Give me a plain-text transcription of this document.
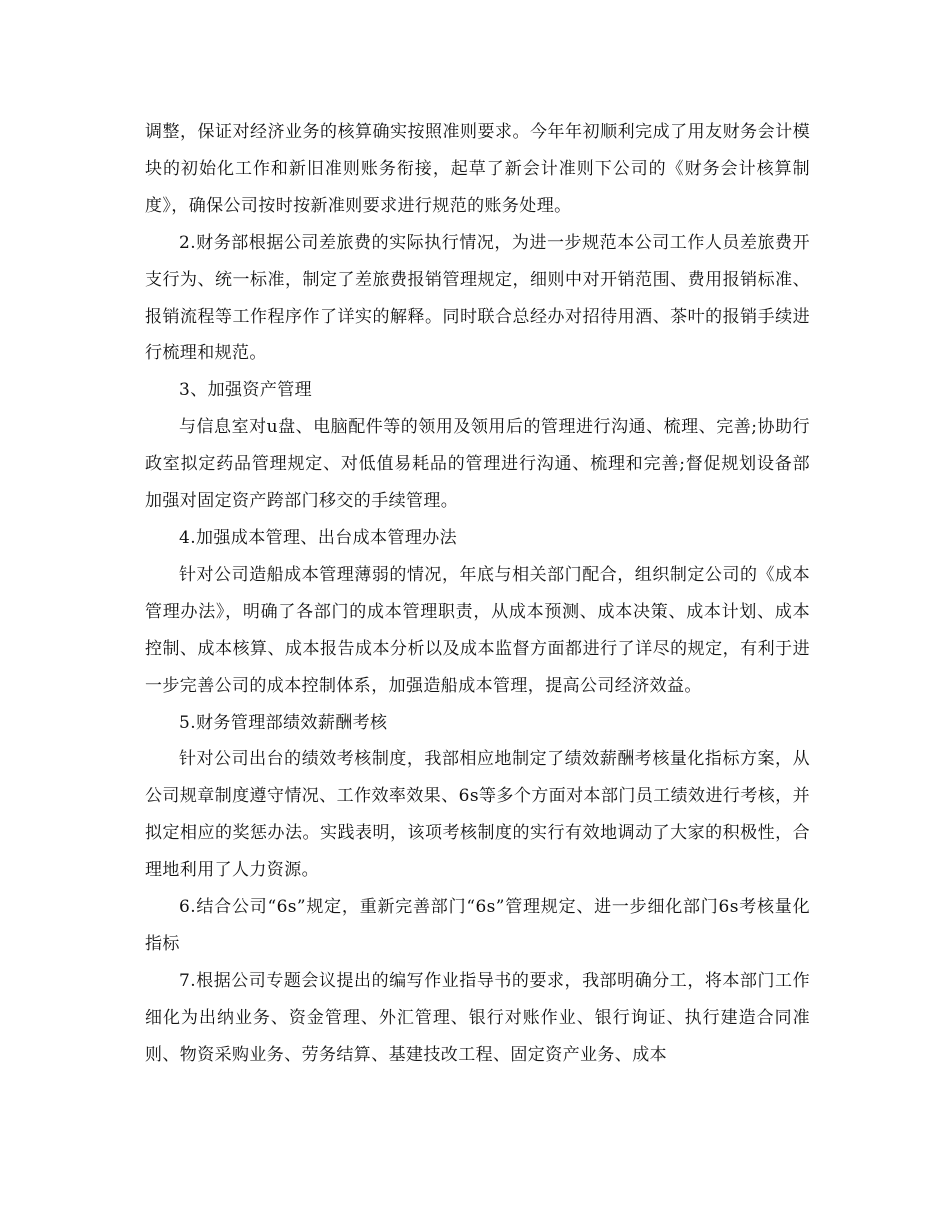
调整，保证对经济业务的核算确实按照准则要求。今年年初顺利完成了用友财务会计模块的初始化工作和新旧准则账务衔接，起草了新会计准则下公司的《财务会计核算制度》，确保公司按时按新准则要求进行规范的账务处理。

2.财务部根据公司差旅费的实际执行情况，为进一步规范本公司工作人员差旅费开支行为、统一标准，制定了差旅费报销管理规定，细则中对开销范围、费用报销标准、报销流程等工作程序作了详实的解释。同时联合总经办对招待用酒、茶叶的报销手续进行梳理和规范。

3、加强资产管理

与信息室对u盘、电脑配件等的领用及领用后的管理进行沟通、梳理、完善;协助行政室拟定药品管理规定、对低值易耗品的管理进行沟通、梳理和完善;督促规划设备部加强对固定资产跨部门移交的手续管理。

4.加强成本管理、出台成本管理办法

针对公司造船成本管理薄弱的情况，年底与相关部门配合，组织制定公司的《成本管理办法》，明确了各部门的成本管理职责，从成本预测、成本决策、成本计划、成本控制、成本核算、成本报告成本分析以及成本监督方面都进行了详尽的规定，有利于进一步完善公司的成本控制体系，加强造船成本管理，提高公司经济效益。

5.财务管理部绩效薪酬考核

针对公司出台的绩效考核制度，我部相应地制定了绩效薪酬考核量化指标方案，从公司规章制度遵守情况、工作效率效果、6s等多个方面对本部门员工绩效进行考核，并拟定相应的奖惩办法。实践表明，该项考核制度的实行有效地调动了大家的积极性，合理地利用了人力资源。

6.结合公司“6s”规定，重新完善部门“6s”管理规定、进一步细化部门6s考核量化指标

7.根据公司专题会议提出的编写作业指导书的要求，我部明确分工，将本部门工作细化为出纳业务、资金管理、外汇管理、银行对账作业、银行询证、执行建造合同准则、物资采购业务、劳务结算、基建技改工程、固定资产业务、成本
